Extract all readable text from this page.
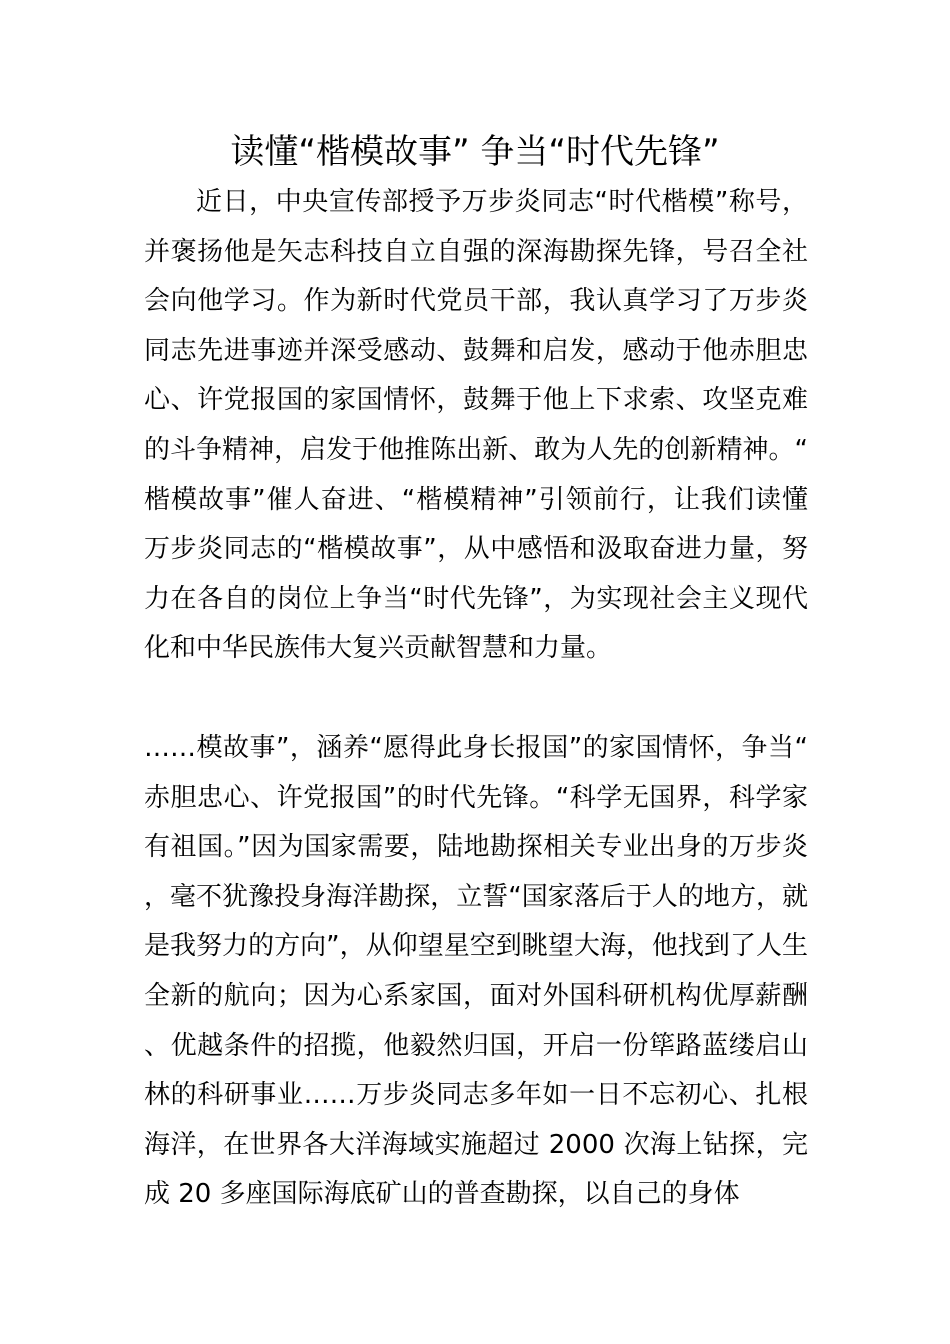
读懂“楷模故事” 争当“时代先锋”

近日，中央宣传部授予万步炎同志“时代楷模”称号，并褒扬他是矢志科技自立自强的深海勘探先锋，号召全社会向他学习。作为新时代党员干部，我认真学习了万步炎同志先进事迹并深受感动、鼓舞和启发，感动于他赤胆忠心、许党报国的家国情怀，鼓舞于他上下求索、攻坚克难的斗争精神，启发于他推陈出新、敢为人先的创新精神。“楷模故事”催人奋进、“楷模精神”引领前行，让我们读懂万步炎同志的“楷模故事”，从中感悟和汲取奋进力量，努力在各自的岗位上争当“时代先锋”，为实现社会主义现代化和中华民族伟大复兴贡献智慧和力量。

……模故事”，涵养“愿得此身长报国”的家国情怀，争当“赤胆忠心、许党报国”的时代先锋。“科学无国界，科学家有祖国。”因为国家需要，陆地勘探相关专业出身的万步炎，毫不犹豫投身海洋勘探，立誓“国家落后于人的地方，就是我努力的方向”，从仰望星空到眺望大海，他找到了人生全新的航向；因为心系家国，面对外国科研机构优厚薪酬、优越条件的招揽，他毅然归国，开启一份筚路蓝缕启山林的科研事业……万步炎同志多年如一日不忘初心、扎根海洋，在世界各大洋海域实施超过 2000 次海上钻探，完成 20 多座国际海底矿山的普查勘探，以自己的身体
